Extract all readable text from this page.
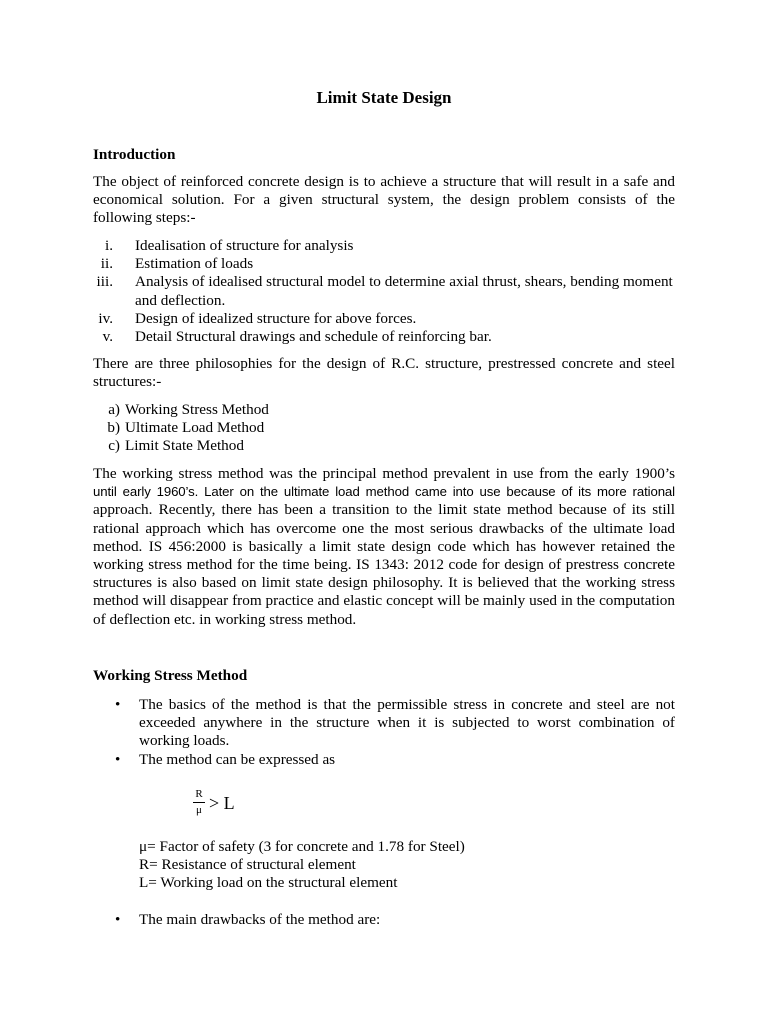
Limit State Design
Introduction
The object of reinforced concrete design is to achieve a structure that will result in a safe and
economical solution. For a given structural system, the design problem consists of the
following steps:-
i. Idealisation of structure for analysis
ii. Estimation of loads
iii. Analysis of idealised structural model to determine axial thrust, shears, bending moment
and deflection.
iv. Design of idealized structure for above forces.
v. Detail Structural drawings and schedule of reinforcing bar.
There are three philosophies for the design of R.C. structure, prestressed concrete and steel
structures:-
a) Working Stress Method
b) Ultimate Load Method
c) Limit State Method
The working stress method was the principal method prevalent in use from the early 1900’s
until early 1960’s. Later on the ultimate load method came into use because of its more rational
approach. Recently, there has been a transition to the limit state method because of its still
rational approach which has overcome one the most serious drawbacks of the ultimate load
method. IS 456:2000 is basically a limit state design code which has however retained the
working stress method for the time being. IS 1343: 2012 code for design of prestress concrete
structures is also based on limit state design philosophy. It is believed that the working stress
method will disappear from practice and elastic concept will be mainly used in the computation
of deflection etc. in working stress method.
Working Stress Method
• The basics of the method is that the permissible stress in concrete and steel are not
exceeded anywhere in the structure when it is subjected to worst combination of
working loads.
• The method can be expressed as
R
μ > L
μ= Factor of safety (3 for concrete and 1.78 for Steel)
R= Resistance of structural element
L= Working load on the structural element
• The main drawbacks of the method are:
